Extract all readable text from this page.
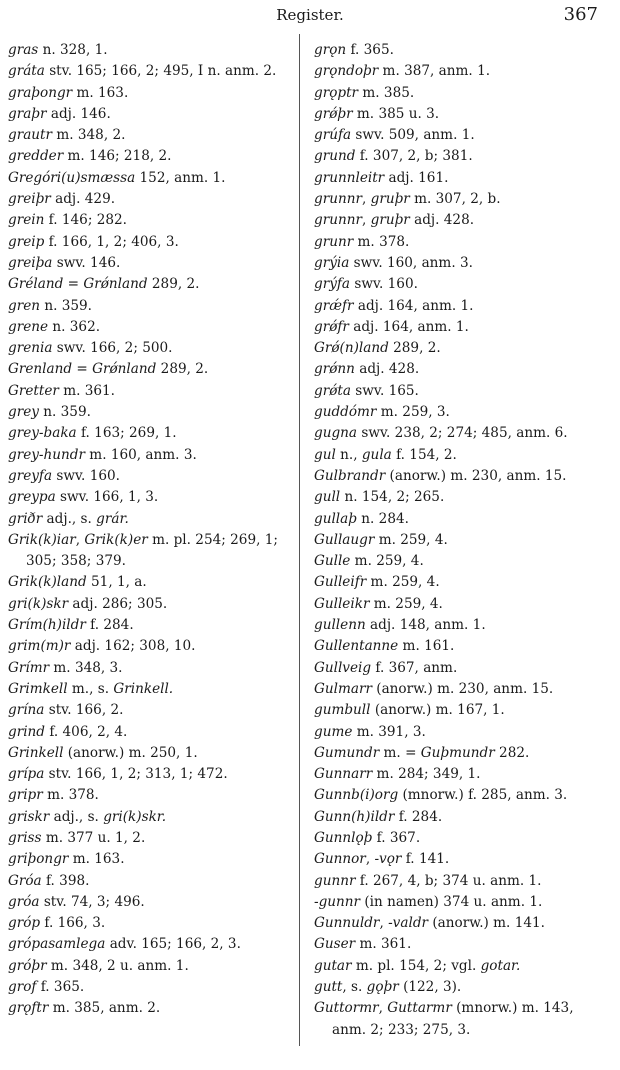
Register.	367

gras n. 328, 1.

gráta stv. 165; 166, 2; 495, I n. anm. 2.

graþongr m. 163.

graþr adj. 146.

grautr m. 348, 2.

gredder m. 146; 218, 2.

Gregóri(u)smæssa 152, anm. 1.

greiþr adj. 429.

grein f. 146; 282.

greip f. 166, 1, 2; 406, 3.

greiþa swv. 146.

Gréland = Grǿnland 289, 2.

gren n. 359.

grene n. 362.

grenia swv. 166, 2; 500.

Grenland = Grǿnland 289, 2.

Gretter m. 361.

grey n. 359.

grey-baka f. 163; 269, 1.

grey-hundr m. 160, anm. 3.

greyfa swv. 160.

greypa swv. 166, 1, 3.

griðr adj., s. grár.

Grik(k)iar, Grik(k)er m. pl. 254; 269, 1; 305; 358; 379.

Grik(k)land 51, 1, a.

gri(k)skr adj. 286; 305.

Grím(h)ildr f. 284.

grim(m)r adj. 162; 308, 10.

Grímr m. 348, 3.

Grimkell m., s. Grinkell.

grína stv. 166, 2.

grind f. 406, 2, 4.

Grinkell (anorw.) m. 250, 1.

grípa stv. 166, 1, 2; 313, 1; 472.

gripr m. 378.

griskr adj., s. gri(k)skr.

griss m. 377 u. 1, 2.

griþongr m. 163.

Gróa f. 398.

gróa stv. 74, 3; 496.

gróp f. 166, 3.

grópasamlega adv. 165; 166, 2, 3.

gróþr m. 348, 2 u. anm. 1.

grof f. 365.

grǫftr m. 385, anm. 2.

grǫn f. 365.

grǫndoþr m. 387, anm. 1.

grǫptr m. 385.

grǿþr m. 385 u. 3.

grúfa swv. 509, anm. 1.

grund f. 307, 2, b; 381.

grunnleitr adj. 161.

grunnr, gruþr m. 307, 2, b.

grunnr, gruþr adj. 428.

grunr m. 378.

grýia swv. 160, anm. 3.

grýfa swv. 160.

grǽfr adj. 164, anm. 1.

grǿfr adj. 164, anm. 1.

Grǿ(n)land 289, 2.

grǿnn adj. 428.

grǿta swv. 165.

guddómr m. 259, 3.

gugna swv. 238, 2; 274; 485, anm. 6.

gul n., gula f. 154, 2.

Gulbrandr (anorw.) m. 230, anm. 15.

gull n. 154, 2; 265.

gullaþ n. 284.

Gullaugr m. 259, 4.

Gulle m. 259, 4.

Gulleifr m. 259, 4.

Gulleikr m. 259, 4.

gullenn adj. 148, anm. 1.

Gullentanne m. 161.

Gullveig f. 367, anm.

Gulmarr (anorw.) m. 230, anm. 15.

gumbull (anorw.) m. 167, 1.

gume m. 391, 3.

Gumundr m. = Guþmundr 282.

Gunnarr m. 284; 349, 1.

Gunnb(i)org (mnorw.) f. 285, anm. 3.

Gunn(h)ildr f. 284.

Gunnlǫþ f. 367.

Gunnor, -vǫr f. 141.

gunnr f. 267, 4, b; 374 u. anm. 1.

-gunnr (in namen) 374 u. anm. 1.

Gunnuldr, -valdr (anorw.) m. 141.

Guser m. 361.

gutar m. pl. 154, 2; vgl. gotar.

gutt, s. gǫþr (122, 3).

Guttormr, Guttarmr (mnorw.) m. 143, anm. 2; 233; 275, 3.
